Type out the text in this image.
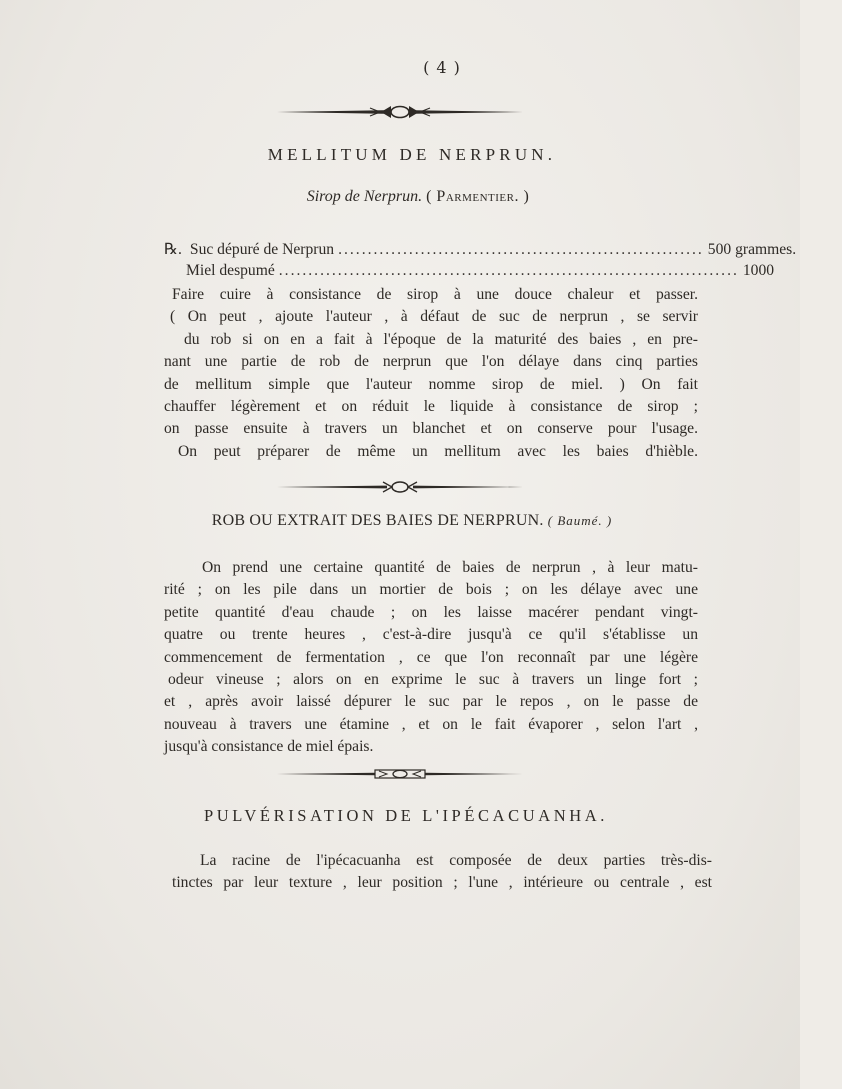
( 4 )
MELLITUM DE NERPRUN.
Sirop de Nerprun. ( Parmentier. )
℞. Suc dépuré de Nerprun .............................................................. 500 grammes.
Miel despumé .............................................................................. 1000
Faire cuire à consistance de sirop à une douce chaleur et passer.
( On peut , ajoute l'auteur , à défaut de suc de nerprun , se servir
du rob si on en a fait à l'époque de la maturité des baies , en pre-
nant une partie de rob de nerprun que l'on délaye dans cinq parties
de mellitum simple que l'auteur nomme sirop de miel. ) On fait
chauffer légèrement et on réduit le liquide à consistance de sirop ;
on passe ensuite à travers un blanchet et on conserve pour l'usage.
On peut préparer de même un mellitum avec les baies d'hièble.
ROB OU EXTRAIT DES BAIES DE NERPRUN. ( Baumé. )
On prend une certaine quantité de baies de nerprun , à leur matu-
rité ; on les pile dans un mortier de bois ; on les délaye avec une
petite quantité d'eau chaude ; on les laisse macérer pendant vingt-
quatre ou trente heures , c'est-à-dire jusqu'à ce qu'il s'établisse un
commencement de fermentation , ce que l'on reconnaît par une légère
odeur vineuse ; alors on en exprime le suc à travers un linge fort ;
et , après avoir laissé dépurer le suc par le repos , on le passe de
nouveau à travers une étamine , et on le fait évaporer , selon l'art ,
jusqu'à consistance de miel épais.
PULVÉRISATION DE L'IPÉCACUANHA.
La racine de l'ipécacuanha est composée de deux parties très-dis-
tinctes par leur texture , leur position ; l'une , intérieure ou centrale , est
